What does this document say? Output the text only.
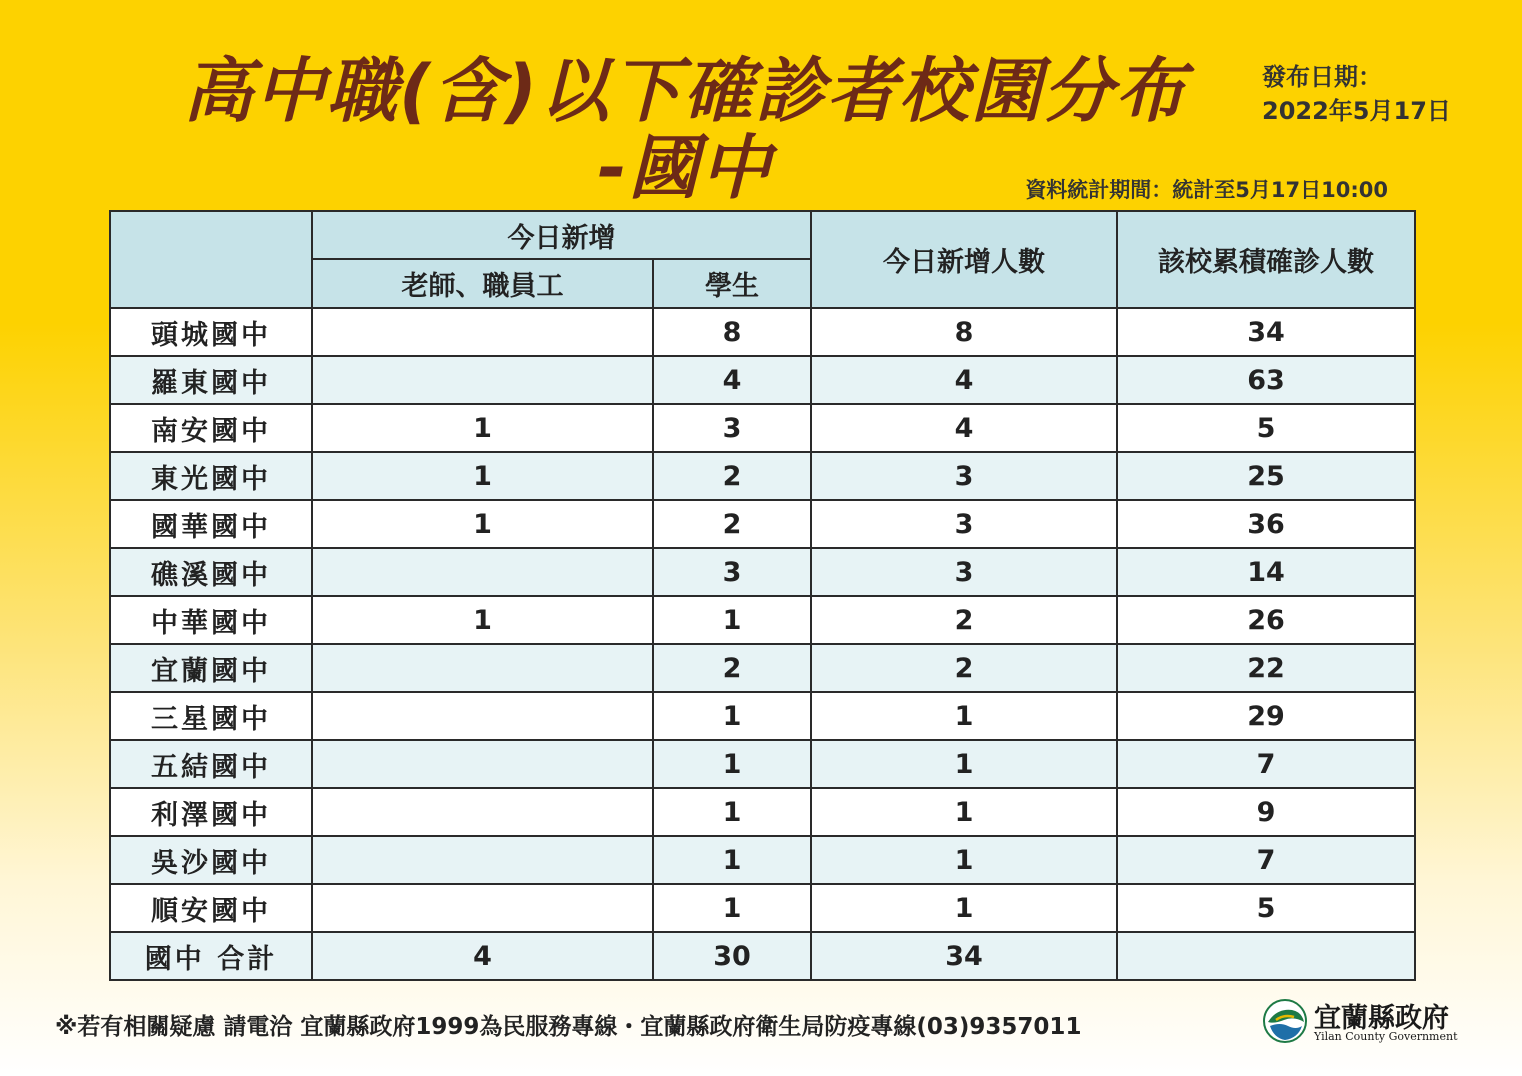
高中職(含)以下確診者校園分布
-國中
發布日期：
2022年5月17日
資料統計期間：統計至5月17日10:00
	今日新增		今日新增人數	該校累積確診人數
	老師、職員工	學生		
頭城國中		8	8	34
羅東國中		4	4	63
南安國中	1	3	4	5
東光國中	1	2	3	25
國華國中	1	2	3	36
礁溪國中		3	3	14
中華國中	1	1	2	26
宜蘭國中		2	2	22
三星國中		1	1	29
五結國中		1	1	7
利澤國中		1	1	9
吳沙國中		1	1	7
順安國中		1	1	5
國中 合計	4	30	34	
※若有相關疑慮 請電洽 宜蘭縣政府1999為民服務專線・宜蘭縣政府衛生局防疫專線(03)9357011	宜蘭縣政府
Yilan County Government
